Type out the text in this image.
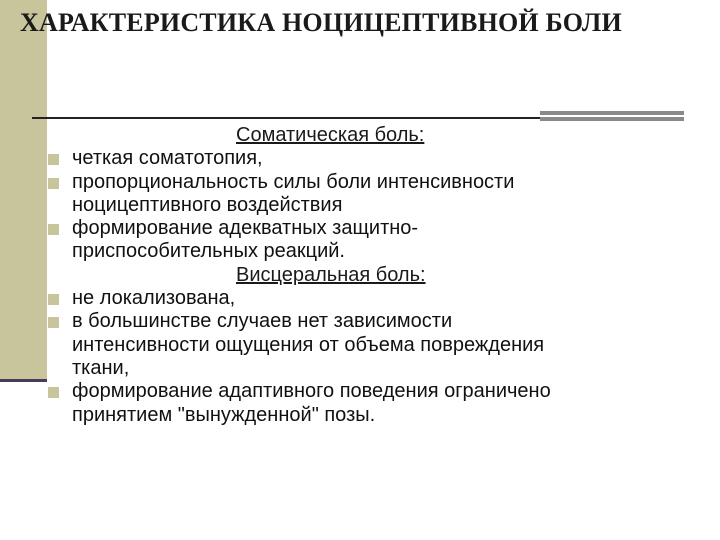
ХАРАКТЕРИСТИКА НОЦИЦЕПТИВНОЙ БОЛИ
Соматическая боль:
четкая соматотопия,
пропорциональность силы боли интенсивности
ноцицептивного воздействия
формирование адекватных защитно-
приспособительных реакций.
Висцеральная боль:
не локализована,
в большинстве случаев нет зависимости
интенсивности ощущения от объема повреждения
ткани,
формирование адаптивного поведения ограничено
принятием "вынужденной" позы.
